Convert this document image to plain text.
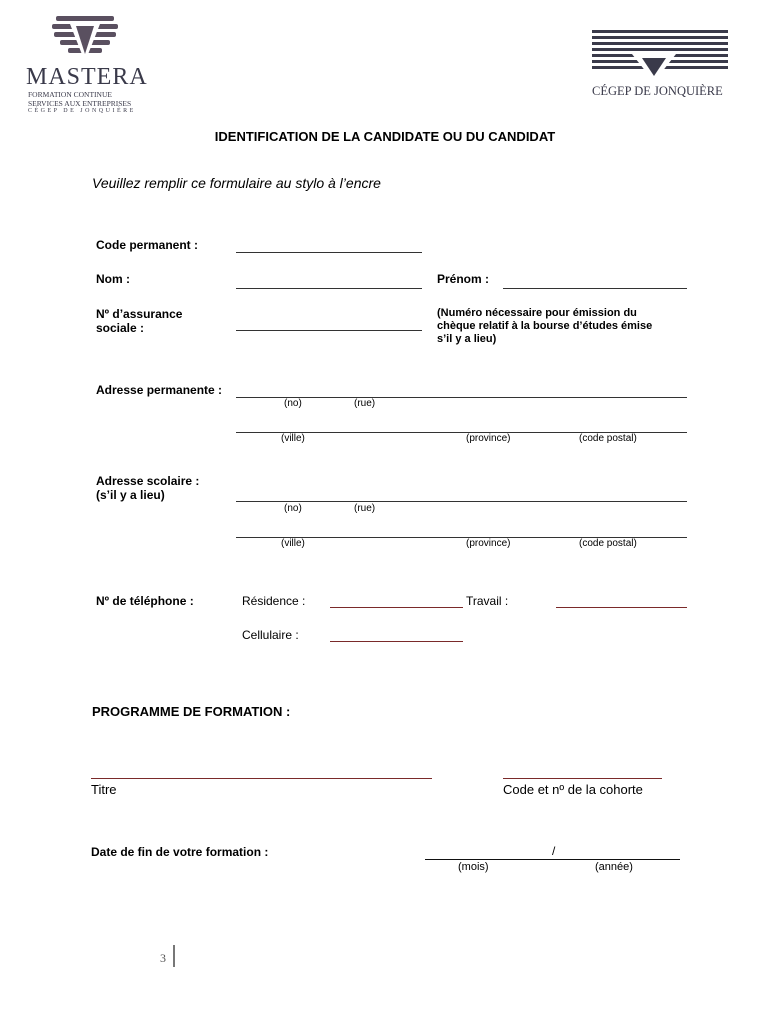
MASTERA
FORMATION CONTINUE
SERVICES AUX ENTREPRISES
CÉGEP DE JONQUIÈRE
CÉGEP DE JONQUIÈRE
IDENTIFICATION DE LA CANDIDATE OU DU CANDIDAT
Veuillez remplir ce formulaire au stylo à l’encre
Code permanent :
Nom :	Prénom :
Nº d’assurance
sociale :
(Numéro nécessaire pour émission du
chèque relatif à la bourse d’études émise
s’il y a lieu)
Adresse permanente :
(no)	(rue)
(ville)	(province)	(code postal)
Adresse scolaire :
(s’il y a lieu)
(no)	(rue)
(ville)	(province)	(code postal)
Nº de téléphone :	Résidence :	Travail :
Cellulaire :
PROGRAMME DE FORMATION :
Titre	Code et nº de la cohorte
Date de fin de votre formation :	/
(mois)	(année)
3
